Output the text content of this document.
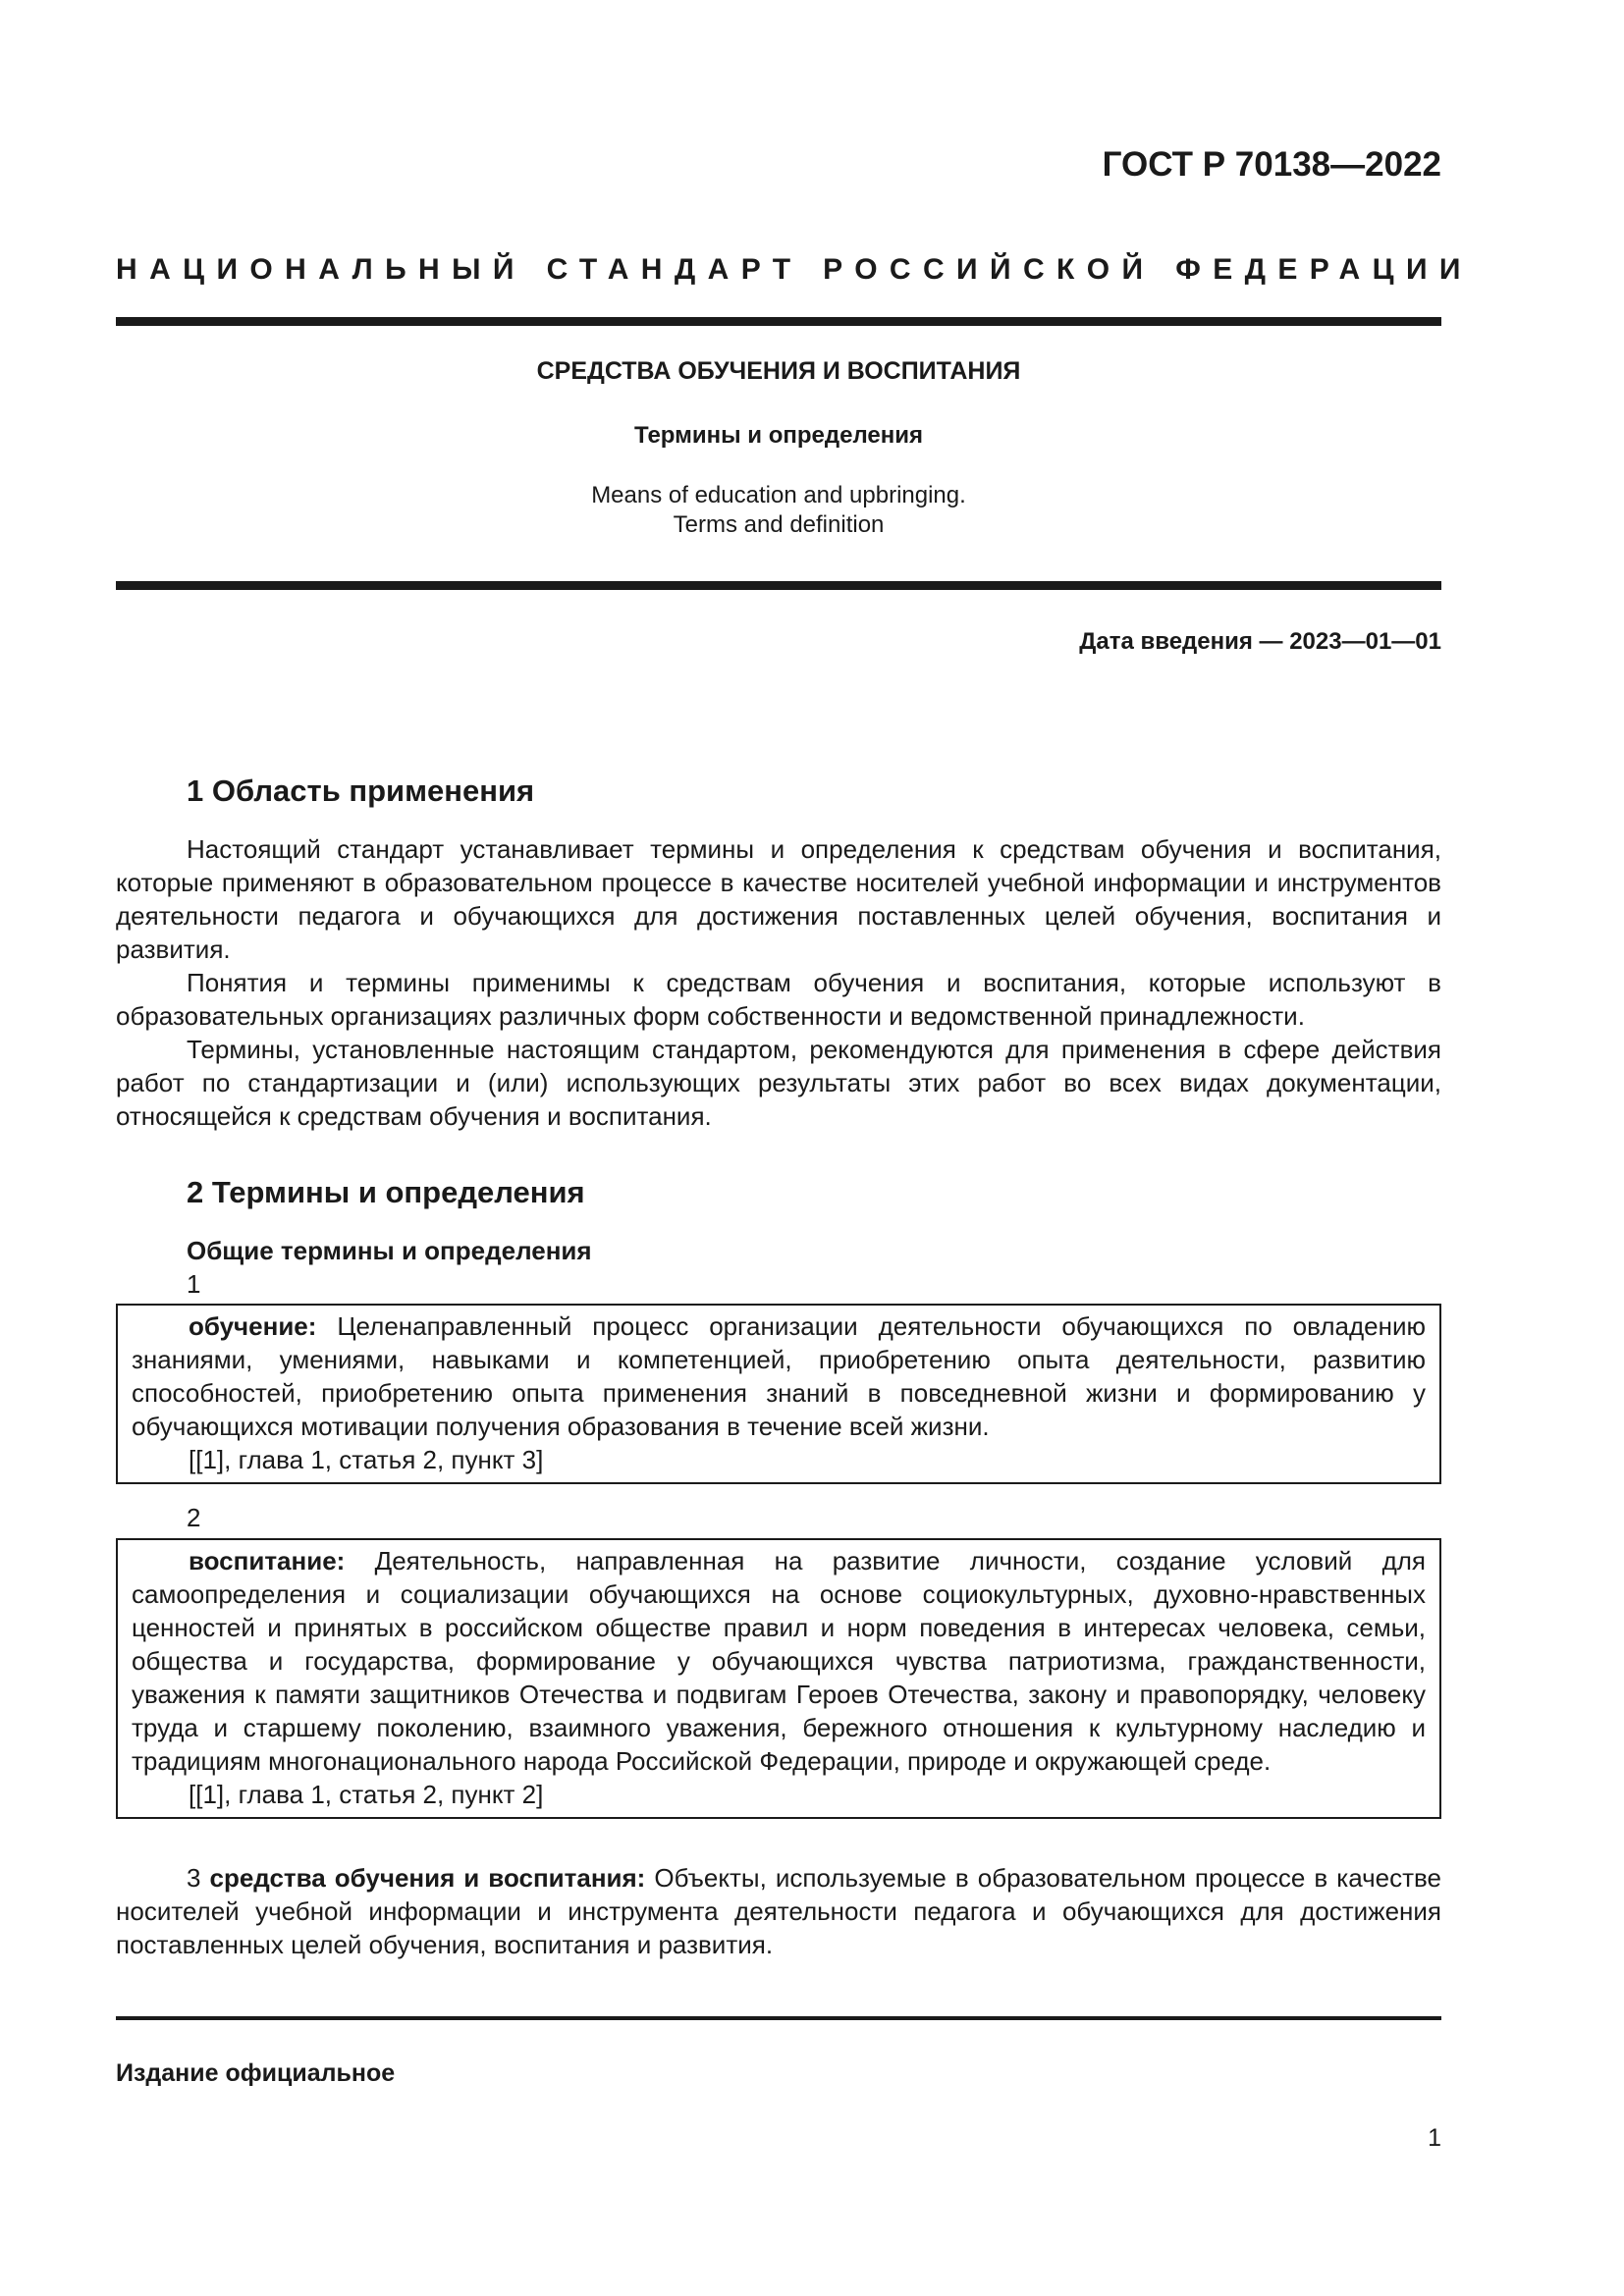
ГОСТ Р 70138—2022
НАЦИОНАЛЬНЫЙ СТАНДАРТ РОССИЙСКОЙ ФЕДЕРАЦИИ
СРЕДСТВА ОБУЧЕНИЯ И ВОСПИТАНИЯ
Термины и определения
Means of education and upbringing.
Terms and definition
Дата введения — 2023—01—01
1 Область применения

Настоящий стандарт устанавливает термины и определения к средствам обучения и воспитания, которые применяют в образовательном процессе в качестве носителей учебной информации и инструментов деятельности педагога и обучающихся для достижения поставленных целей обучения, воспитания и развития.

Понятия и термины применимы к средствам обучения и воспитания, которые используют в образовательных организациях различных форм собственности и ведомственной принадлежности.

Термины, установленные настоящим стандартом, рекомендуются для применения в сфере действия работ по стандартизации и (или) использующих результаты этих работ во всех видах документации, относящейся к средствам обучения и воспитания.

2 Термины и определения
Общие термины и определения
1

обучение: Целенаправленный процесс организации деятельности обучающихся по овладению знаниями, умениями, навыками и компетенцией, приобретению опыта деятельности, развитию способностей, приобретению опыта применения знаний в повседневной жизни и формированию у обучающихся мотивации получения образования в течение всей жизни.

[[1], глава 1, статья 2, пункт 3]

2

воспитание: Деятельность, направленная на развитие личности, создание условий для самоопределения и социализации обучающихся на основе социокультурных, духовно-нравственных ценностей и принятых в российском обществе правил и норм поведения в интересах человека, семьи, общества и государства, формирование у обучающихся чувства патриотизма, гражданственности, уважения к памяти защитников Отечества и подвигам Героев Отечества, закону и правопорядку, человеку труда и старшему поколению, взаимного уважения, бережного отношения к культурному наследию и традициям многонационального народа Российской Федерации, природе и окружающей среде.

[[1], глава 1, статья 2, пункт 2]

3 средства обучения и воспитания: Объекты, используемые в образовательном процессе в качестве носителей учебной информации и инструмента деятельности педагога и обучающихся для достижения поставленных целей обучения, воспитания и развития.

Издание официальное
1
